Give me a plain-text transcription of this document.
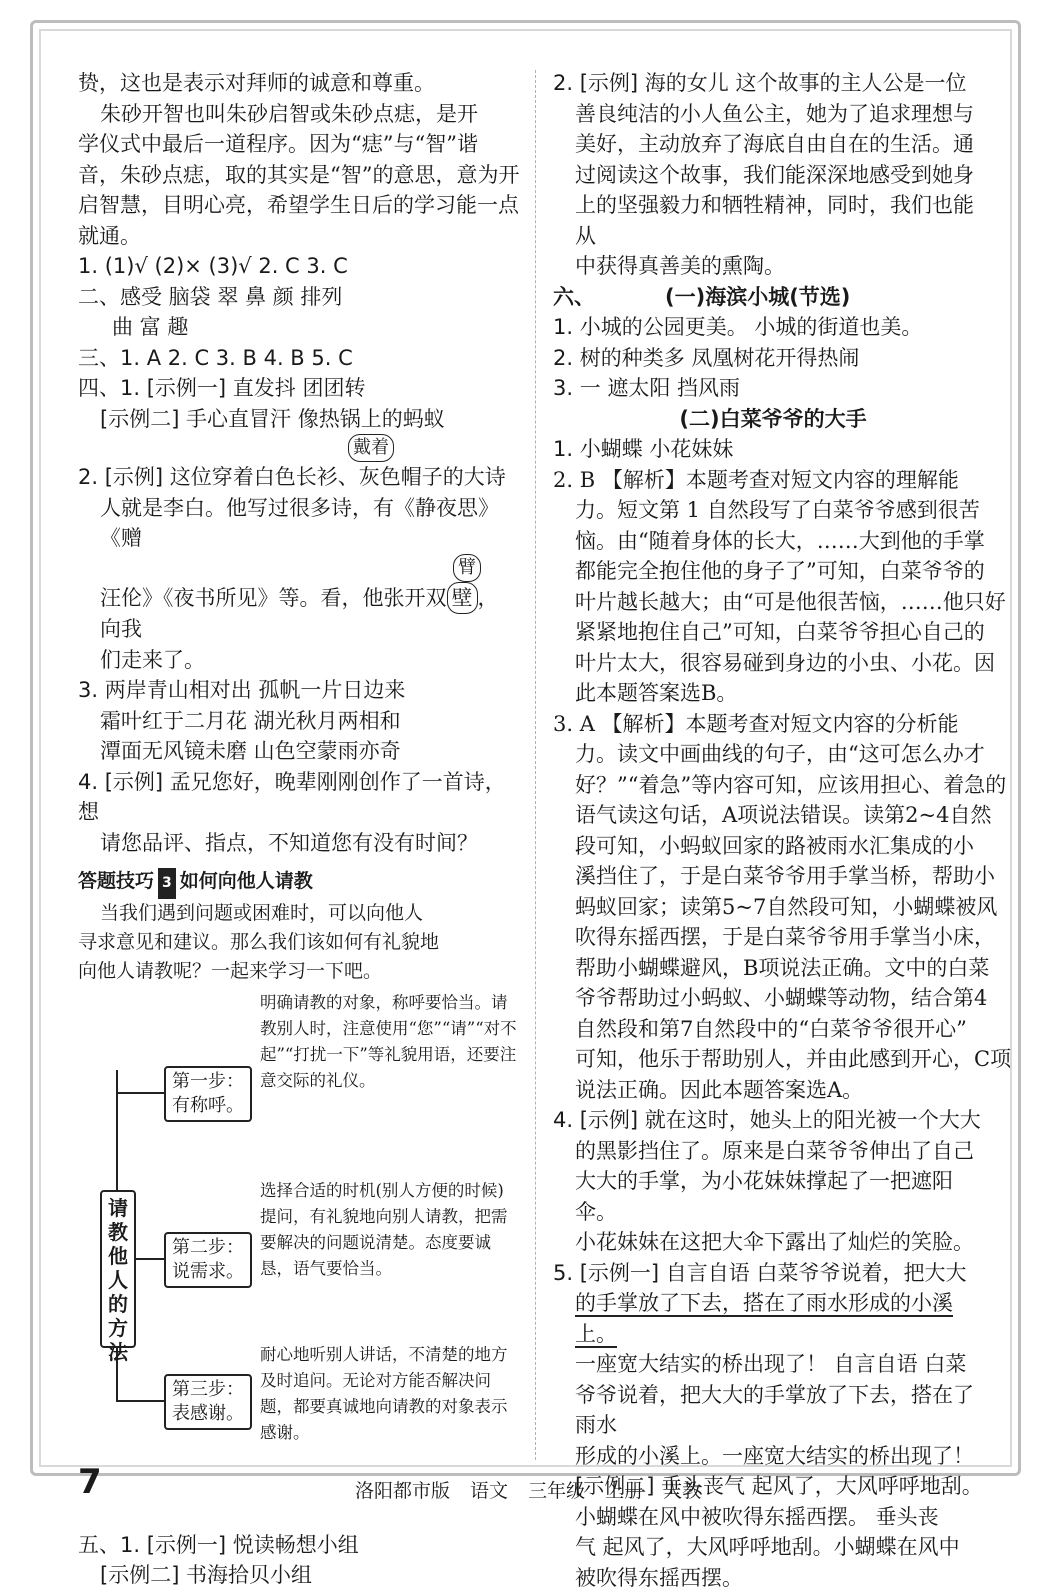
贽，这也是表示对拜师的诚意和尊重。

朱砂开智也叫朱砂启智或朱砂点痣，是开

学仪式中最后一道程序。因为“痣”与“智”谐

音，朱砂点痣，取的其实是“智”的意思，意为开

启智慧，目明心亮，希望学生日后的学习能一点

就通。

1. (1)√ (2)× (3)√ 2. C 3. C

二、感受 脑袋 翠 鼻 颜 排列

曲 富 趣

三、1. A 2. C 3. B 4. B 5. C

四、1. [示例一] 直发抖 团团转

[示例二] 手心直冒汗 像热锅上的蚂蚁

戴着

2. [示例] 这位穿着白色长衫、灰色帽子的大诗

人就是李白。他写过很多诗，有《静夜思》《赠

臂

汪伦》《夜书所见》等。看，他张开双 壁 ，向我

们走来了。

3. 两岸青山相对出 孤帆一片日边来

霜叶红于二月花 湖光秋月两相和

潭面无风镜未磨 山色空蒙雨亦奇

4. [示例] 孟兄您好，晚辈刚刚创作了一首诗，想

请您品评、指点，不知道您有没有时间？

答题技巧 3 如何向他人请教

当我们遇到问题或困难时，可以向他人

寻求意见和建议。那么我们该如何有礼貌地

向他人请教呢？一起来学习一下吧。

请教他人的方法
第一步：有称呼。
明确请教的对象，称呼要恰当。请教别人时，注意使用“您”“请”“对不起”“打扰一下”等礼貌用语，还要注意交际的礼仪。
第二步：说需求。
选择合适的时机(别人方便的时候)提问，有礼貌地向别人请教，把需要解决的问题说清楚。态度要诚恳，语气要恰当。
第三步：表感谢。
耐心地听别人讲话，不清楚的地方及时追问。无论对方能否解决问题，都要真诚地向请教的对象表示感谢。

五、1. [示例一] 悦读畅想小组

[示例二] 书海拾贝小组

2. [示例] 海的女儿 这个故事的主人公是一位

善良纯洁的小人鱼公主，她为了追求理想与

美好，主动放弃了海底自由自在的生活。通

过阅读这个故事，我们能深深地感受到她身

上的坚强毅力和牺牲精神，同时，我们也能从

中获得真善美的熏陶。

六、	(一)海滨小城(节选)

1. 小城的公园更美。 小城的街道也美。

2. 树的种类多 凤凰树花开得热闹

3. 一 遮太阳 挡风雨

(二)白菜爷爷的大手

1. 小蝴蝶 小花妹妹

2. B 【解析】本题考查对短文内容的理解能

力。短文第 1 自然段写了白菜爷爷感到很苦

恼。由“随着身体的长大，……大到他的手掌

都能完全抱住他的身子了”可知，白菜爷爷的

叶片越长越大；由“可是他很苦恼，……他只好

紧紧地抱住自己”可知，白菜爷爷担心自己的

叶片太大，很容易碰到身边的小虫、小花。因

此本题答案选B。

3. A 【解析】本题考查对短文内容的分析能

力。读文中画曲线的句子，由“这可怎么办才

好？”“着急”等内容可知，应该用担心、着急的

语气读这句话，A项说法错误。读第2~4自然

段可知，小蚂蚁回家的路被雨水汇集成的小

溪挡住了，于是白菜爷爷用手掌当桥，帮助小

蚂蚁回家；读第5~7自然段可知，小蝴蝶被风

吹得东摇西摆，于是白菜爷爷用手掌当小床，

帮助小蝴蝶避风，B项说法正确。文中的白菜

爷爷帮助过小蚂蚁、小蝴蝶等动物，结合第4

自然段和第7自然段中的“白菜爷爷很开心”

可知，他乐于帮助别人，并由此感到开心，C项

说法正确。因此本题答案选A。

4. [示例] 就在这时，她头上的阳光被一个大大

的黑影挡住了。原来是白菜爷爷伸出了自己

大大的手掌，为小花妹妹撑起了一把遮阳伞。

小花妹妹在这把大伞下露出了灿烂的笑脸。

5. [示例一] 自言自语 白菜爷爷说着，把大大

的手掌放了下去，搭在了雨水形成的小溪上。

一座宽大结实的桥出现了！ 自言自语 白菜

爷爷说着，把大大的手掌放了下去，搭在了雨水

形成的小溪上。一座宽大结实的桥出现了！

[示例二] 垂头丧气 起风了，大风呼呼地刮。

小蝴蝶在风中被吹得东摇西摆。 垂头丧

气 起风了，大风呼呼地刮。小蝴蝶在风中

被吹得东摇西摆。

7	洛阳都市版 语文 三年级 上册 人教
